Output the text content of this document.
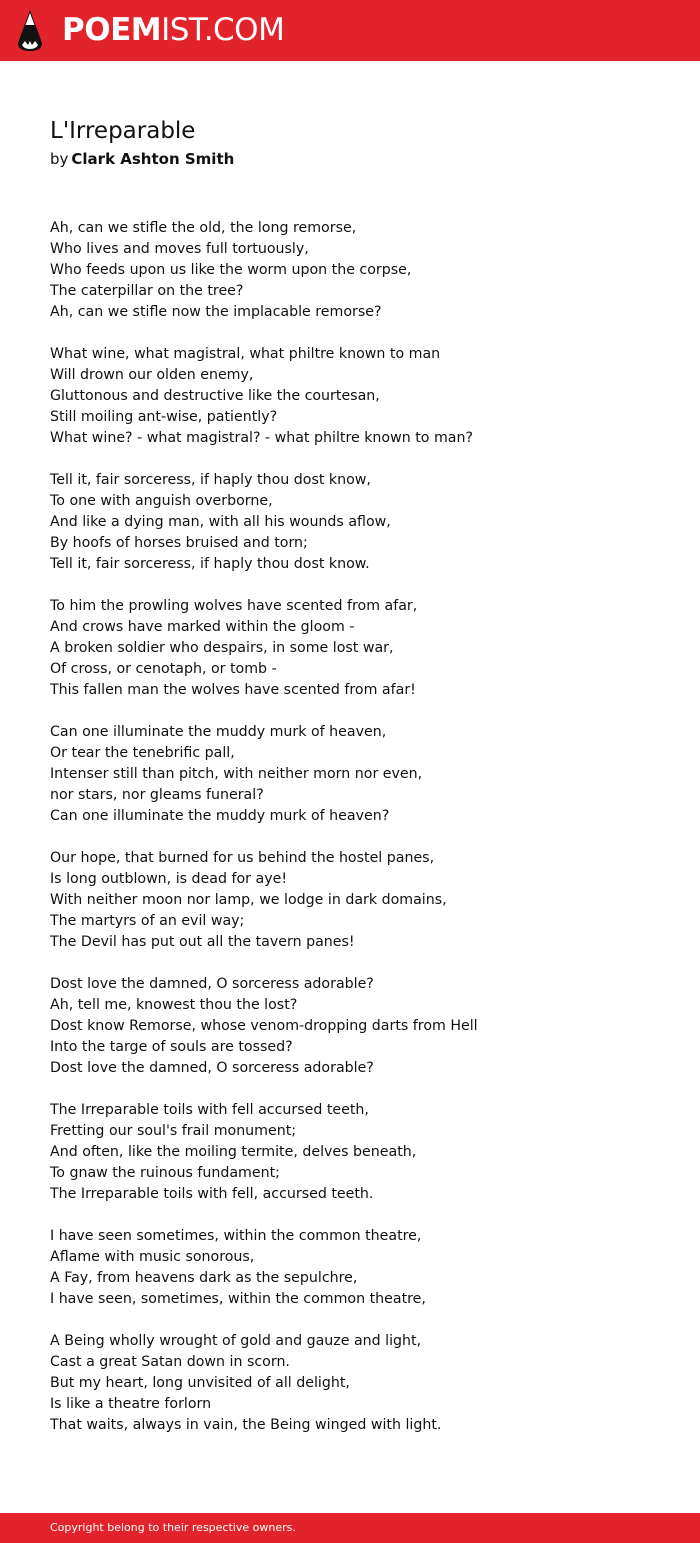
POEMIST.COM
L'Irreparable
by Clark Ashton Smith
Ah, can we stifle the old, the long remorse,
Who lives and moves full tortuously,
Who feeds upon us like the worm upon the corpse,
The caterpillar on the tree?
Ah, can we stifle now the implacable remorse?
What wine, what magistral, what philtre known to man
Will drown our olden enemy,
Gluttonous and destructive like the courtesan,
Still moiling ant-wise, patiently?
What wine? - what magistral? - what philtre known to man?
Tell it, fair sorceress, if haply thou dost know,
To one with anguish overborne,
And like a dying man, with all his wounds aflow,
By hoofs of horses bruised and torn;
Tell it, fair sorceress, if haply thou dost know.
To him the prowling wolves have scented from afar,
And crows have marked within the gloom -
A broken soldier who despairs, in some lost war,
Of cross, or cenotaph, or tomb -
This fallen man the wolves have scented from afar!
Can one illuminate the muddy murk of heaven,
Or tear the tenebrific pall,
Intenser still than pitch, with neither morn nor even,
nor stars, nor gleams funeral?
Can one illuminate the muddy murk of heaven?
Our hope, that burned for us behind the hostel panes,
Is long outblown, is dead for aye!
With neither moon nor lamp, we lodge in dark domains,
The martyrs of an evil way;
The Devil has put out all the tavern panes!
Dost love the damned, O sorceress adorable?
Ah, tell me, knowest thou the lost?
Dost know Remorse, whose venom-dropping darts from Hell
Into the targe of souls are tossed?
Dost love the damned, O sorceress adorable?
The Irreparable toils with fell accursed teeth,
Fretting our soul's frail monument;
And often, like the moiling termite, delves beneath,
To gnaw the ruinous fundament;
The Irreparable toils with fell, accursed teeth.
I have seen sometimes, within the common theatre,
Aflame with music sonorous,
A Fay, from heavens dark as the sepulchre,
I have seen, sometimes, within the common theatre,
A Being wholly wrought of gold and gauze and light,
Cast a great Satan down in scorn.
But my heart, long unvisited of all delight,
Is like a theatre forlorn
That waits, always in vain, the Being winged with light.
Copyright belong to their respective owners.
